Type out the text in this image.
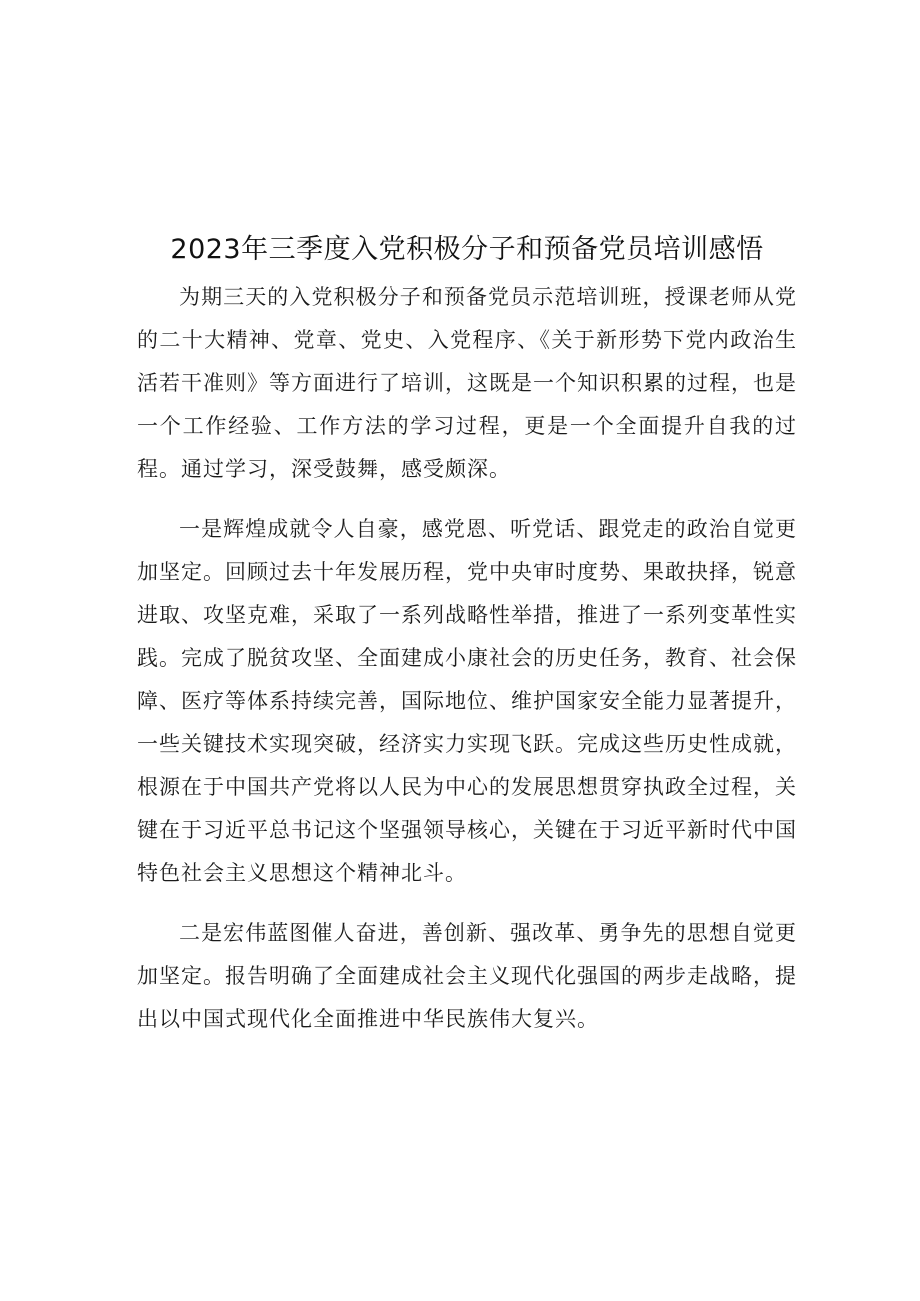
2023年三季度入党积极分子和预备党员培训感悟

为期三天的入党积极分子和预备党员示范培训班，授课老师从党的二十大精神、党章、党史、入党程序、《关于新形势下党内政治生活若干准则》等方面进行了培训，这既是一个知识积累的过程，也是一个工作经验、工作方法的学习过程，更是一个全面提升自我的过程。通过学习，深受鼓舞，感受颇深。

一是辉煌成就令人自豪，感党恩、听党话、跟党走的政治自觉更加坚定。回顾过去十年发展历程，党中央审时度势、果敢抉择，锐意进取、攻坚克难，采取了一系列战略性举措，推进了一系列变革性实践。完成了脱贫攻坚、全面建成小康社会的历史任务，教育、社会保障、医疗等体系持续完善，国际地位、维护国家安全能力显著提升，一些关键技术实现突破，经济实力实现飞跃。完成这些历史性成就，根源在于中国共产党将以人民为中心的发展思想贯穿执政全过程，关键在于习近平总书记这个坚强领导核心，关键在于习近平新时代中国特色社会主义思想这个精神北斗。

二是宏伟蓝图催人奋进，善创新、强改革、勇争先的思想自觉更加坚定。报告明确了全面建成社会主义现代化强国的两步走战略，提出以中国式现代化全面推进中华民族伟大复兴。
